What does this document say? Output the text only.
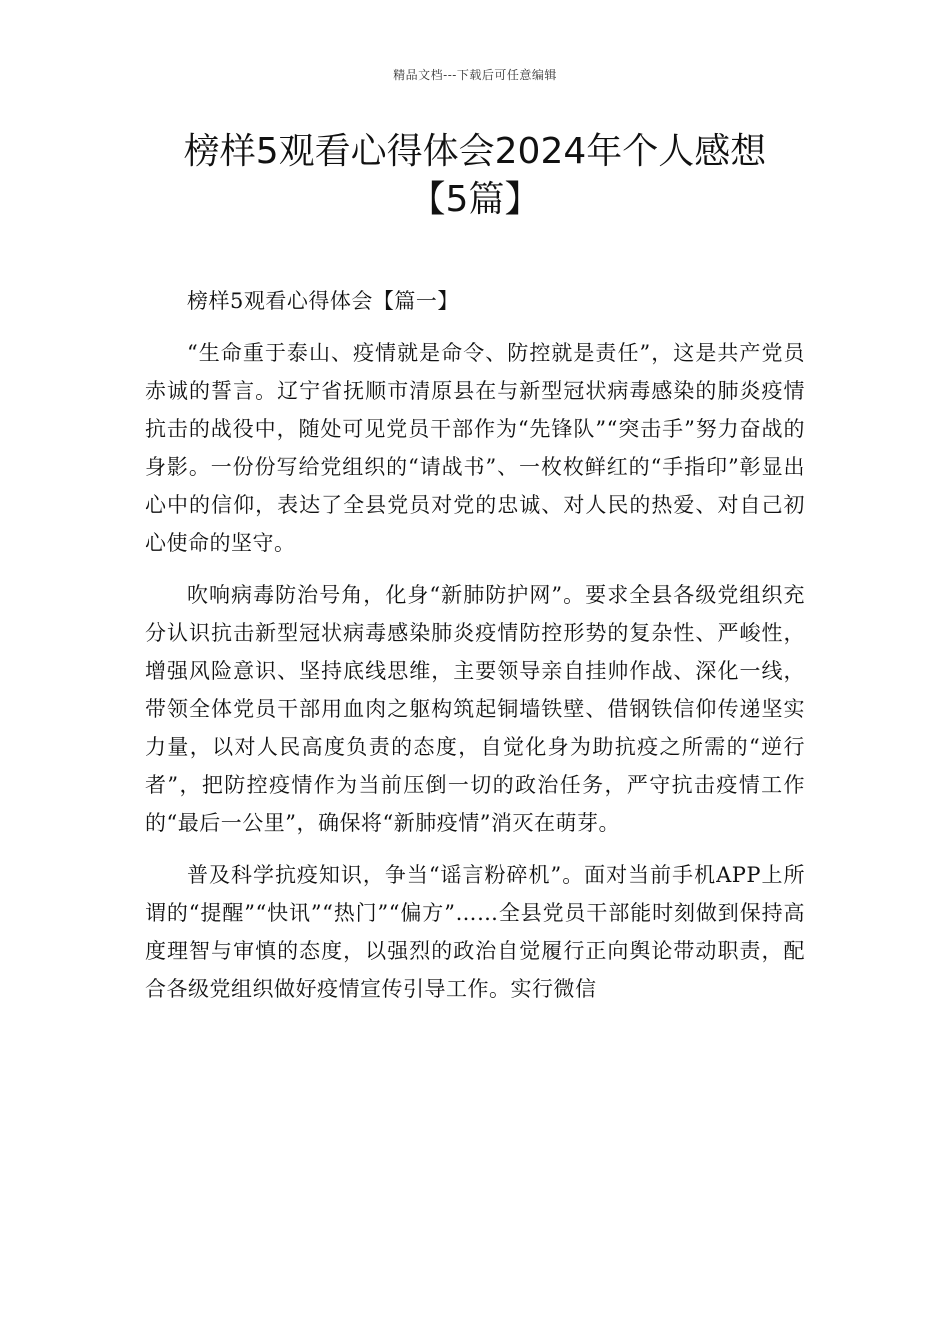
精品文档---下载后可任意编辑
榜样5观看心得体会2024年个人感想
【5篇】

榜样5观看心得体会【篇一】

“生命重于泰山、疫情就是命令、防控就是责任”，这是共产党员赤诚的誓言。辽宁省抚顺市清原县在与新型冠状病毒感染的肺炎疫情抗击的战役中，随处可见党员干部作为“先锋队”“突击手”努力奋战的身影。一份份写给党组织的“请战书”、一枚枚鲜红的“手指印”彰显出心中的信仰，表达了全县党员对党的忠诚、对人民的热爱、对自己初心使命的坚守。

吹响病毒防治号角，化身“新肺防护网”。要求全县各级党组织充分认识抗击新型冠状病毒感染肺炎疫情防控形势的复杂性、严峻性，增强风险意识、坚持底线思维，主要领导亲自挂帅作战、深化一线，带领全体党员干部用血肉之躯构筑起铜墙铁壁、借钢铁信仰传递坚实力量，以对人民高度负责的态度，自觉化身为助抗疫之所需的“逆行者”，把防控疫情作为当前压倒一切的政治任务，严守抗击疫情工作的“最后一公里”，确保将“新肺疫情”消灭在萌芽。

普及科学抗疫知识，争当“谣言粉碎机”。面对当前手机APP上所谓的“提醒”“快讯”“热门”“偏方”……全县党员干部能时刻做到保持高度理智与审慎的态度，以强烈的政治自觉履行正向舆论带动职责，配合各级党组织做好疫情宣传引导工作。实行微信
